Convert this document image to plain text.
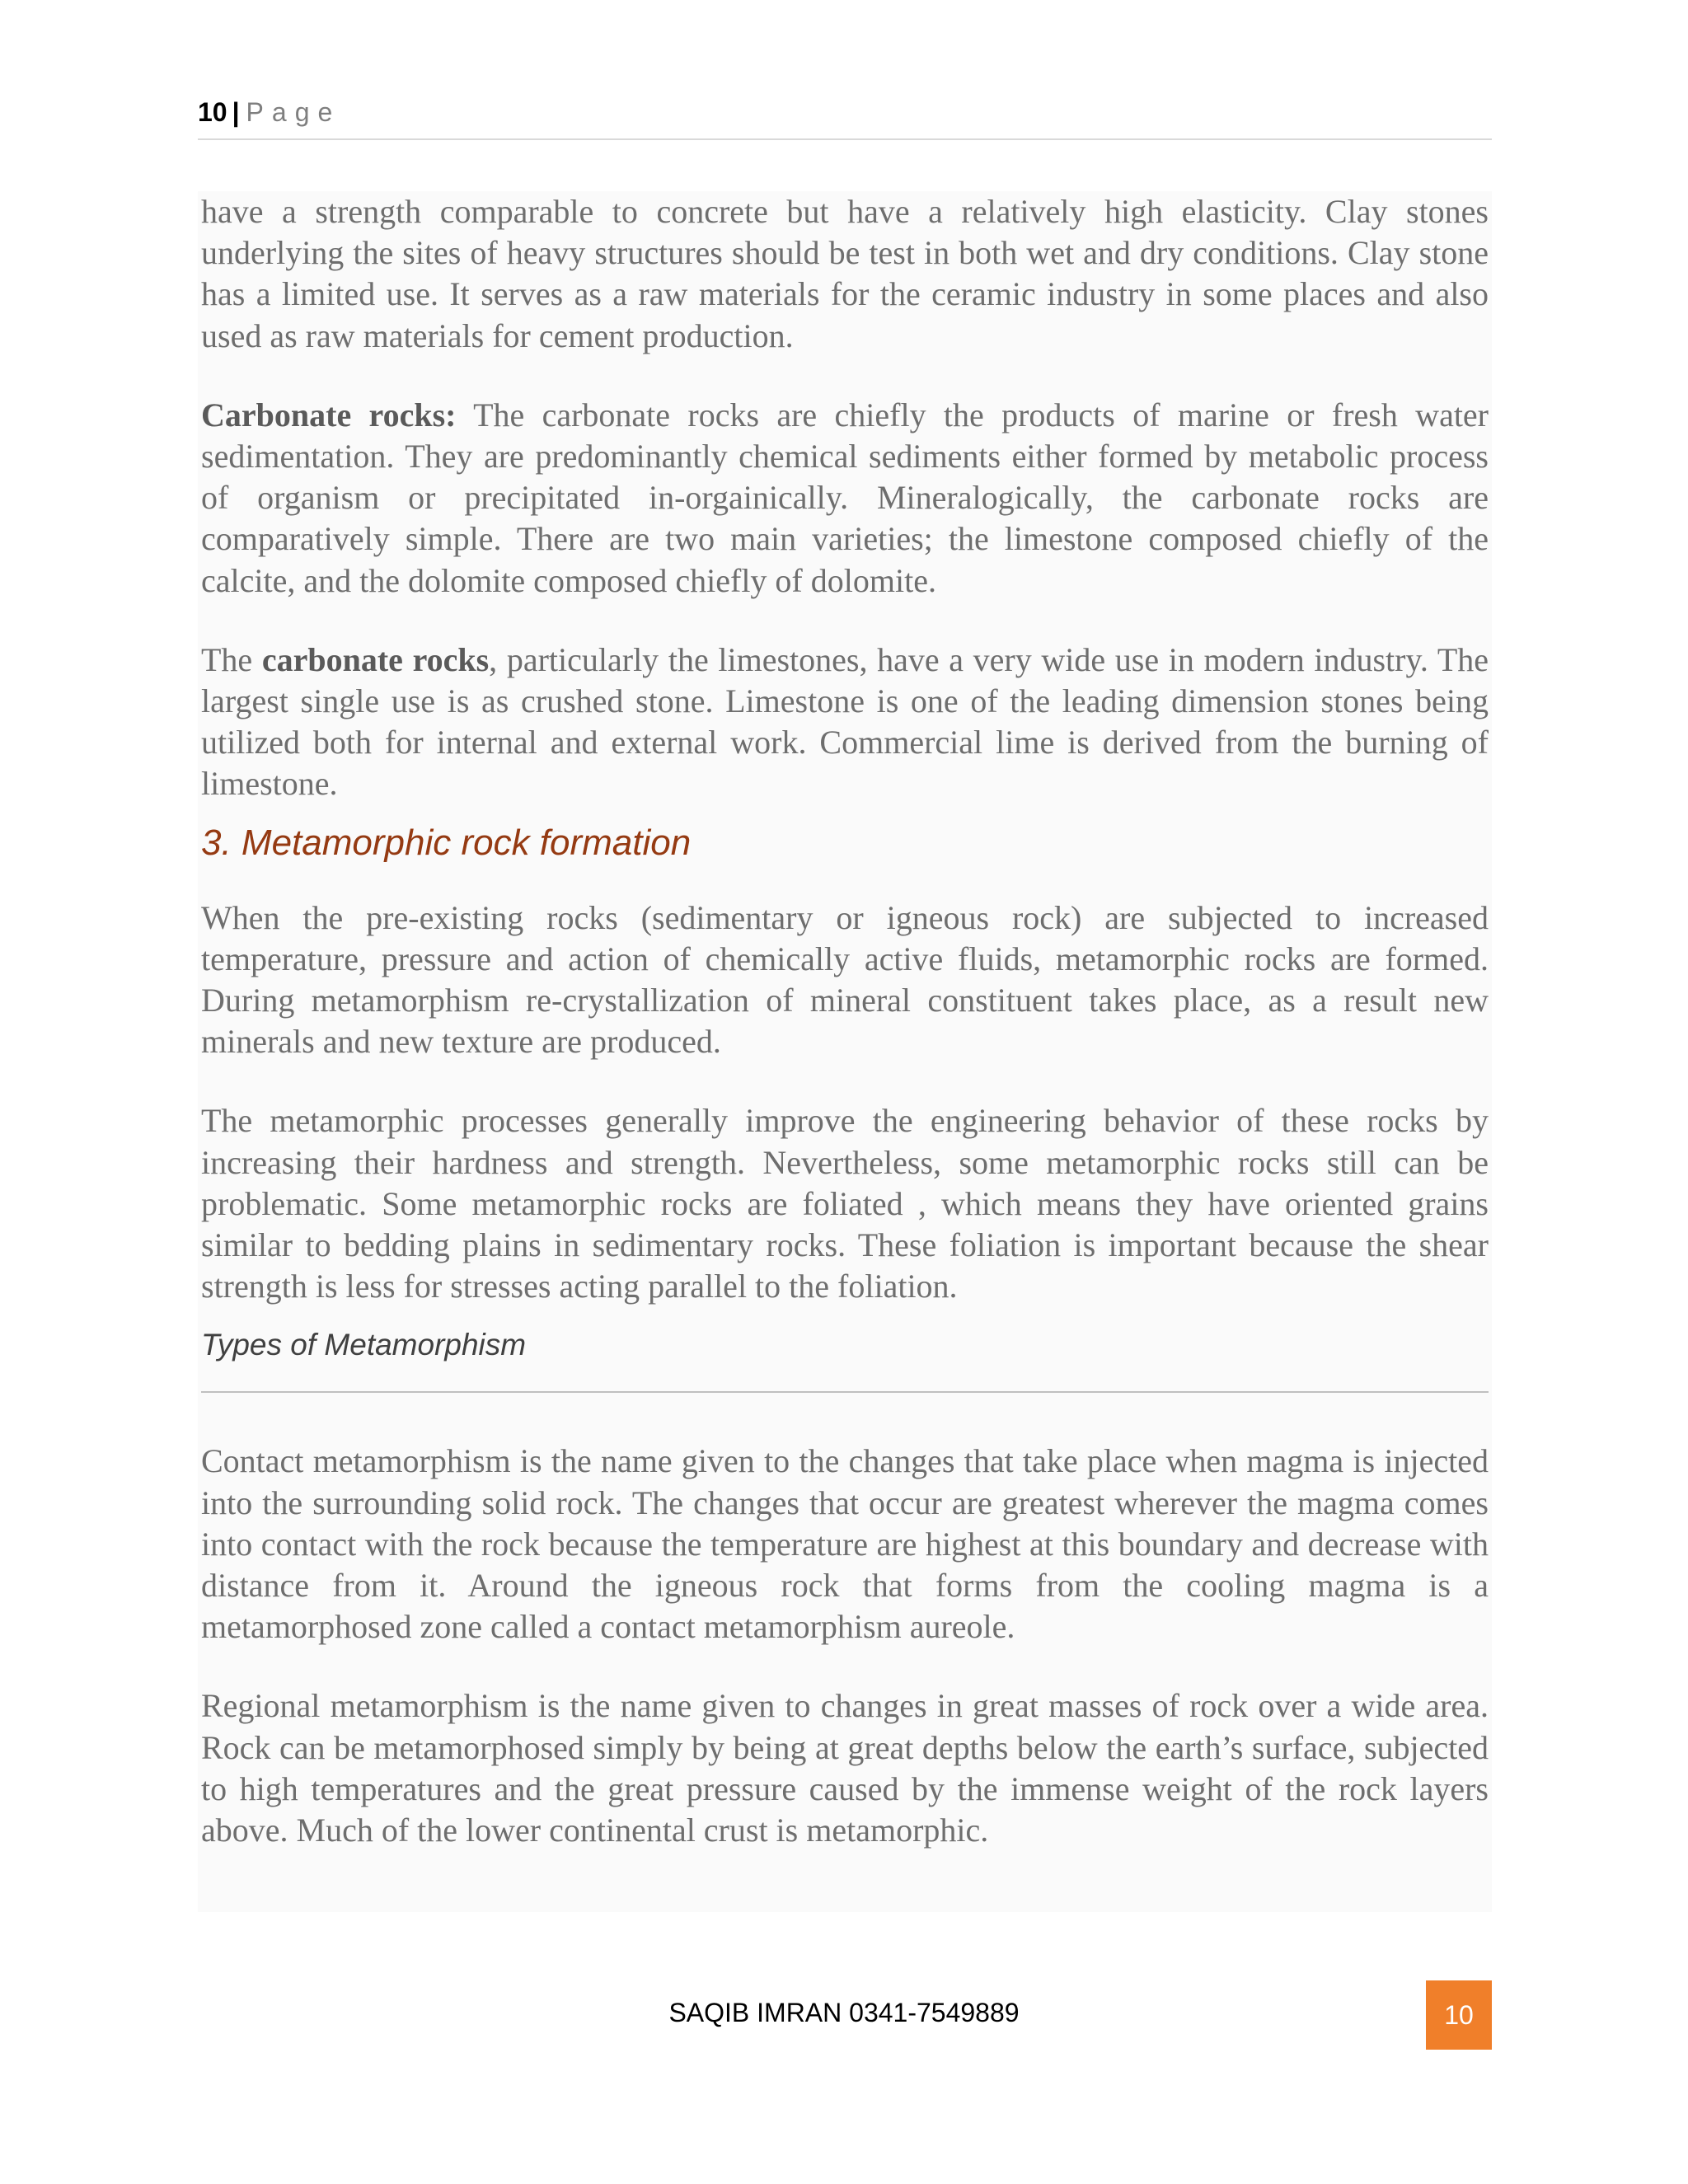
10 | Page

have a strength comparable to concrete but have a relatively high elasticity. Clay stones underlying the sites of heavy structures should be test in both wet and dry conditions. Clay stone has a limited use. It serves as a raw materials for the ceramic industry in some places and also used as raw materials for cement production.

Carbonate rocks: The carbonate rocks are chiefly the products of marine or fresh water sedimentation. They are predominantly chemical sediments either formed by metabolic process of organism or precipitated in-orgainically. Mineralogically, the carbonate rocks are comparatively simple. There are two main varieties; the limestone composed chiefly of the calcite, and the dolomite composed chiefly of dolomite.

The carbonate rocks, particularly the limestones, have a very wide use in modern industry. The largest single use is as crushed stone. Limestone is one of the leading dimension stones being utilized both for internal and external work. Commercial lime is derived from the burning of limestone.

3. Metamorphic rock formation

When the pre-existing rocks (sedimentary or igneous rock) are subjected to increased temperature, pressure and action of chemically active fluids, metamorphic rocks are formed. During metamorphism re-crystallization of mineral constituent takes place, as a result new minerals and new texture are produced.

The metamorphic processes generally improve the engineering behavior of these rocks by increasing their hardness and strength. Nevertheless, some metamorphic rocks still can be problematic. Some metamorphic rocks are foliated , which means they have oriented grains similar to bedding plains in sedimentary rocks. These foliation is important because the shear strength is less for stresses acting parallel to the foliation.

Types of Metamorphism

Contact metamorphism is the name given to the changes that take place when magma is injected into the surrounding solid rock. The changes that occur are greatest wherever the magma comes into contact with the rock because the temperature are highest at this boundary and decrease with distance from it. Around the igneous rock that forms from the cooling magma is a metamorphosed zone called a contact metamorphism aureole.

Regional metamorphism is the name given to changes in great masses of rock over a wide area. Rock can be metamorphosed simply by being at great depths below the earth’s surface, subjected to high temperatures and the great pressure caused by the immense weight of the rock layers above. Much of the lower continental crust is metamorphic.

SAQIB IMRAN 0341-7549889	10
